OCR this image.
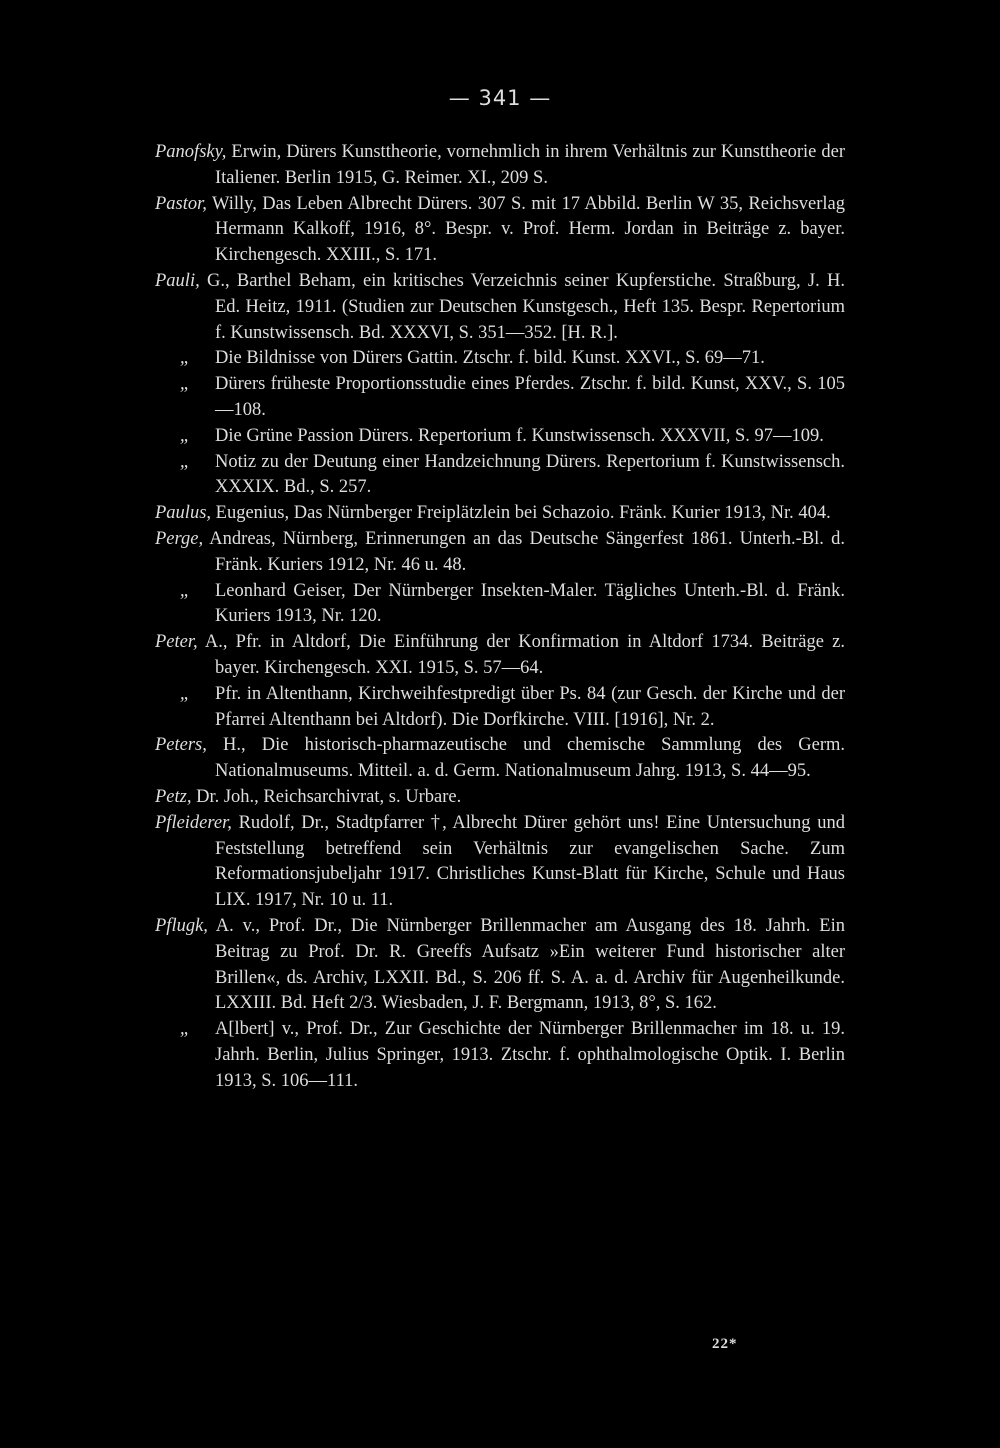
— 341 —
Panofsky, Erwin, Dürers Kunsttheorie, vornehmlich in ihrem Verhältnis zur Kunsttheorie der Italiener. Berlin 1915, G. Reimer. XI., 209 S.
Pastor, Willy, Das Leben Albrecht Dürers. 307 S. mit 17 Abbild. Berlin W 35, Reichsverlag Hermann Kalkoff, 1916, 8°. Bespr. v. Prof. Herm. Jordan in Beiträge z. bayer. Kirchengesch. XXIII., S. 171.
Pauli, G., Barthel Beham, ein kritisches Verzeichnis seiner Kupferstiche. Straßburg, J. H. Ed. Heitz, 1911. (Studien zur Deutschen Kunstgesch., Heft 135. Bespr. Repertorium f. Kunstwissensch. Bd. XXXVI, S. 351—352. [H. R.].
„ Die Bildnisse von Dürers Gattin. Ztschr. f. bild. Kunst. XXVI., S. 69—71.
„ Dürers früheste Proportionsstudie eines Pferdes. Ztschr. f. bild. Kunst, XXV., S. 105—108.
„ Die Grüne Passion Dürers. Repertorium f. Kunstwissensch. XXXVII, S. 97—109.
„ Notiz zu der Deutung einer Handzeichnung Dürers. Repertorium f. Kunstwissensch. XXXIX. Bd., S. 257.
Paulus, Eugenius, Das Nürnberger Freiplätzlein bei Schazoio. Fränk. Kurier 1913, Nr. 404.
Perge, Andreas, Nürnberg, Erinnerungen an das Deutsche Sängerfest 1861. Unterh.-Bl. d. Fränk. Kuriers 1912, Nr. 46 u. 48.
„ Leonhard Geiser, Der Nürnberger Insekten-Maler. Tägliches Unterh.-Bl. d. Fränk. Kuriers 1913, Nr. 120.
Peter, A., Pfr. in Altdorf, Die Einführung der Konfirmation in Altdorf 1734. Beiträge z. bayer. Kirchengesch. XXI. 1915, S. 57—64.
„ Pfr. in Altenthann, Kirchweihfestpredigt über Ps. 84 (zur Gesch. der Kirche und der Pfarrei Altenthann bei Altdorf). Die Dorfkirche. VIII. [1916], Nr. 2.
Peters, H., Die historisch-pharmazeutische und chemische Sammlung des Germ. Nationalmuseums. Mitteil. a. d. Germ. Nationalmuseum Jahrg. 1913, S. 44—95.
Petz, Dr. Joh., Reichsarchivrat, s. Urbare.
Pfleiderer, Rudolf, Dr., Stadtpfarrer †, Albrecht Dürer gehört uns! Eine Untersuchung und Feststellung betreffend sein Verhältnis zur evangelischen Sache. Zum Reformationsjubeljahr 1917. Christliches Kunst-Blatt für Kirche, Schule und Haus LIX. 1917, Nr. 10 u. 11.
Pflugk, A. v., Prof. Dr., Die Nürnberger Brillenmacher am Ausgang des 18. Jahrh. Ein Beitrag zu Prof. Dr. R. Greeffs Aufsatz »Ein weiterer Fund historischer alter Brillen«, ds. Archiv, LXXII. Bd., S. 206 ff. S. A. a. d. Archiv für Augenheilkunde. LXXIII. Bd. Heft 2/3. Wiesbaden, J. F. Bergmann, 1913, 8°, S. 162.
„ A[lbert] v., Prof. Dr., Zur Geschichte der Nürnberger Brillenmacher im 18. u. 19. Jahrh. Berlin, Julius Springer, 1913. Ztschr. f. ophthalmologische Optik. I. Berlin 1913, S. 106—111.
22*
